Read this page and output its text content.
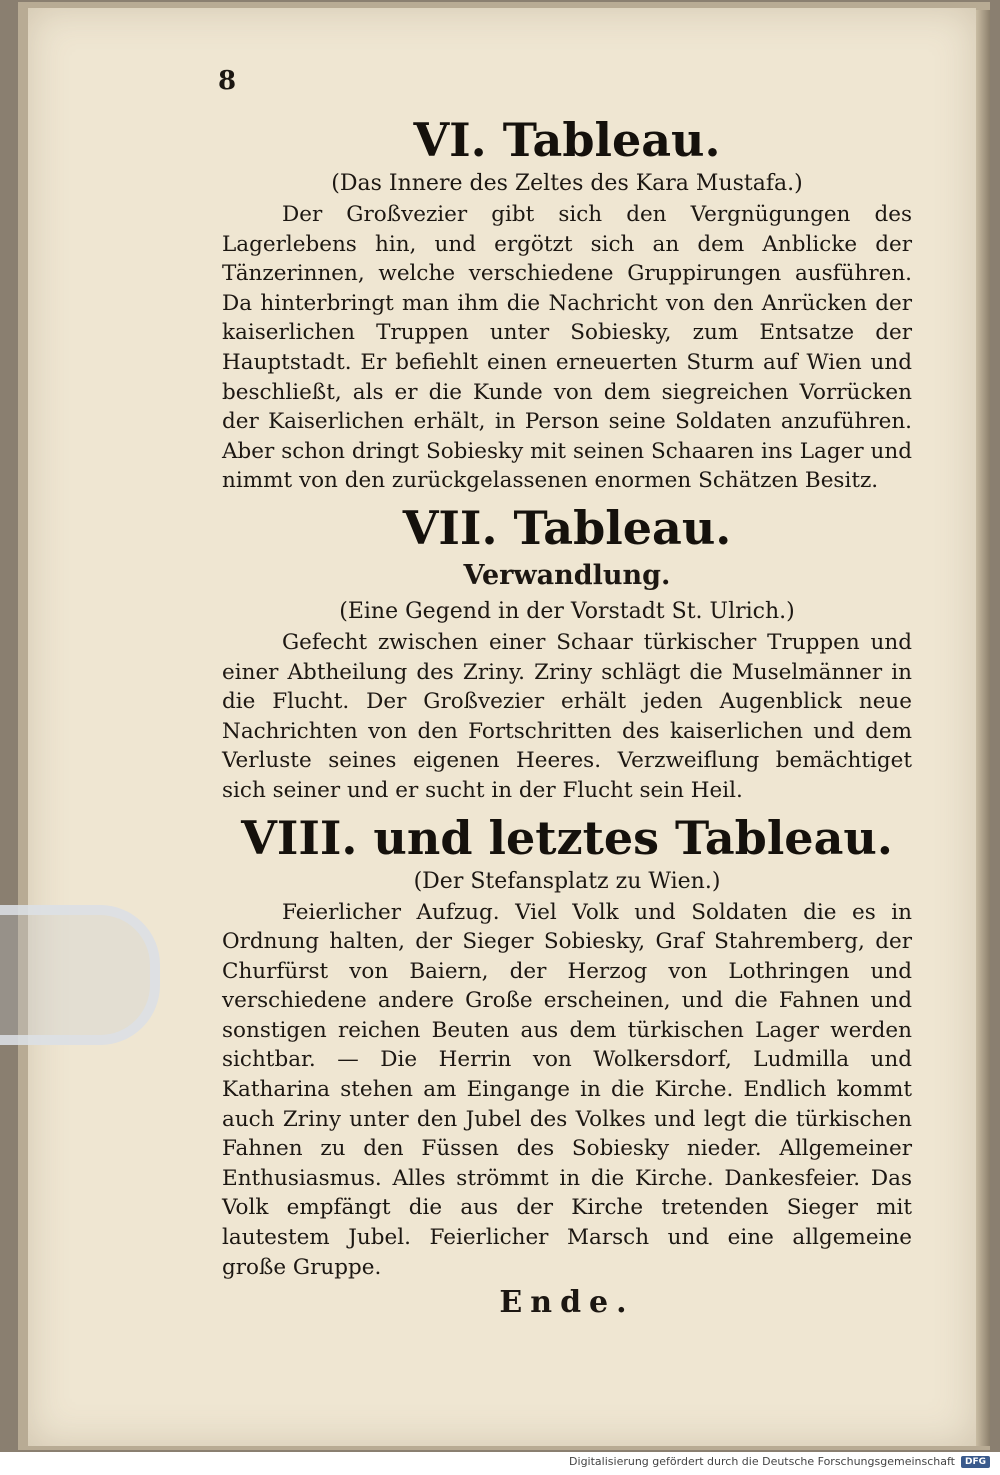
8
VI. Tableau.

(Das Innere des Zeltes des Kara Mustafa.)

Der Großvezier gibt sich den Vergnügungen des Lagerlebens hin, und ergötzt sich an dem Anblicke der Tänzerinnen, welche verschiedene Gruppirungen ausführen. Da hinterbringt man ihm die Nachricht von den Anrücken der kaiserlichen Truppen unter Sobiesky, zum Entsatze der Hauptstadt. Er befiehlt einen erneuerten Sturm auf Wien und beschließt, als er die Kunde von dem siegreichen Vorrücken der Kaiserlichen erhält, in Person seine Soldaten anzuführen. Aber schon dringt Sobiesky mit seinen Schaaren ins Lager und nimmt von den zurückgelassenen enormen Schätzen Besitz.

VII. Tableau.

Verwandlung.

(Eine Gegend in der Vorstadt St. Ulrich.)

Gefecht zwischen einer Schaar türkischer Truppen und einer Abtheilung des Zriny. Zriny schlägt die Muselmänner in die Flucht. Der Großvezier erhält jeden Augenblick neue Nachrichten von den Fortschritten des kaiserlichen und dem Verluste seines eigenen Heeres. Verzweiflung bemächtiget sich seiner und er sucht in der Flucht sein Heil.

VIII. und letztes Tableau.

(Der Stefansplatz zu Wien.)

Feierlicher Aufzug. Viel Volk und Soldaten die es in Ordnung halten, der Sieger Sobiesky, Graf Stahremberg, der Churfürst von Baiern, der Herzog von Lothringen und verschiedene andere Große erscheinen, und die Fahnen und sonstigen reichen Beuten aus dem türkischen Lager werden sichtbar. — Die Herrin von Wolkersdorf, Ludmilla und Katharina stehen am Eingange in die Kirche. Endlich kommt auch Zriny unter den Jubel des Volkes und legt die türkischen Fahnen zu den Füssen des Sobiesky nieder. Allgemeiner Enthusiasmus. Alles strömmt in die Kirche. Dankesfeier. Das Volk empfängt die aus der Kirche tretenden Sieger mit lautestem Jubel. Feierlicher Marsch und eine allgemeine große Gruppe.

Ende.

Digitalisierung gefördert durch die Deutsche Forschungsgemeinschaft	DFG
